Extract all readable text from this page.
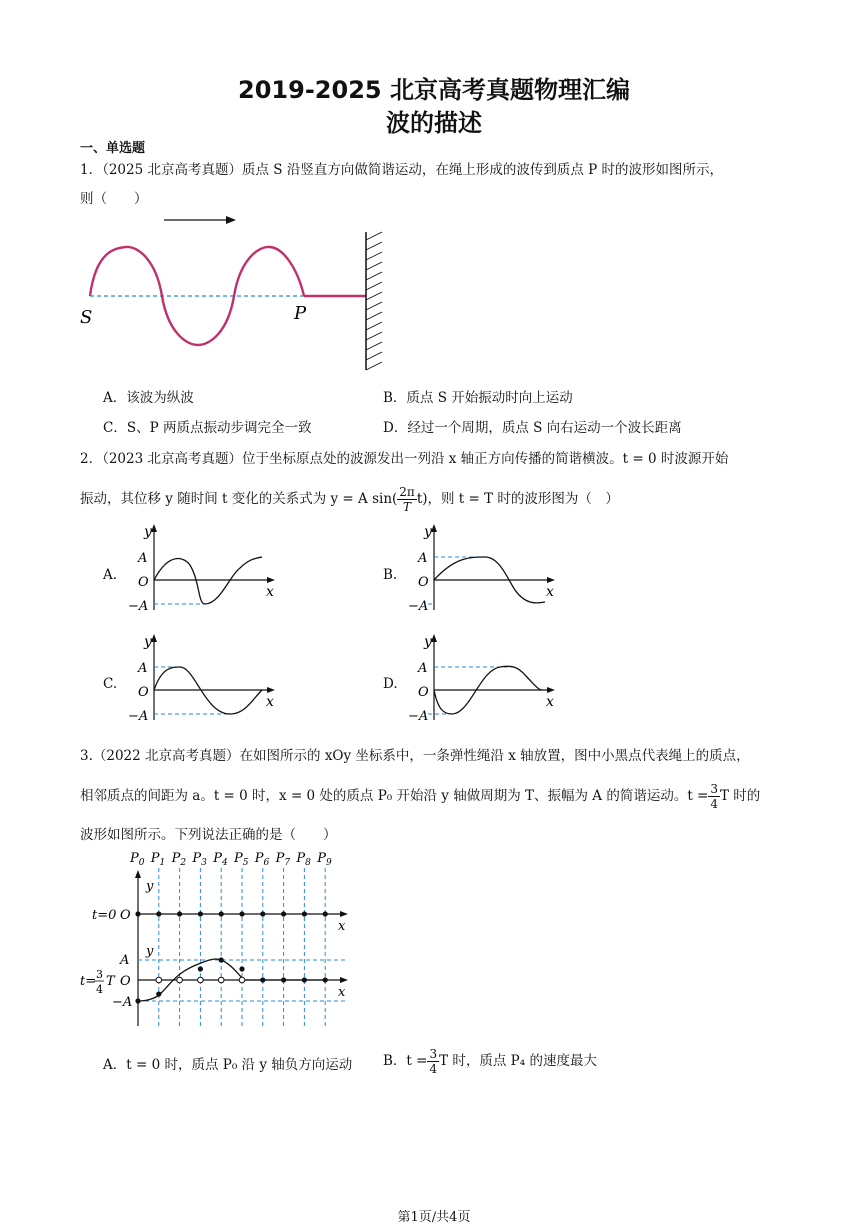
2019-2025 北京高考真题物理汇编
波的描述
一、单选题
1．（2025 北京高考真题）质点 S 沿竖直方向做简谐运动，在绳上形成的波传到质点 P 时的波形如图所示，
则（　　）
S	P
A．该波为纵波	B．质点 S 开始振动时向上运动
C．S、P 两质点振动步调完全一致	D．经过一个周期，质点 S 向右运动一个波长距离
2．（2023 北京高考真题）位于坐标原点处的波源发出一列沿 x 轴正方向传播的简谐横波。t = 0 时波源开始
振动，其位移 y 随时间 t 变化的关系式为 y = A $\sin( \frac{2\pi}{T} t)$，则 t = T 时的波形图为（　）
A.	B.
C.	D.
y
x
A
O
−A
y
x
A
O
−A
y
x
A
O
−A
y
x
A
O
−A
3.（2022 北京高考真题）在如图所示的 xOy 坐标系中，一条弹性绳沿 x 轴放置，图中小黑点代表绳上的质点，
相邻质点的间距为 a。t = 0 时，x = 0 处的质点 P₀ 开始沿 y 轴做周期为 T、振幅为 A 的简谐运动。$t = \frac{3}{4}$ T 时的
波形如图所示。下列说法正确的是（　　）
$P_0$ $P_1$ $P_2$ $P_3$ $P_4$ $P_5$ $P_6$ $P_7$ $P_8$ $P_9$
y
x
t=0 O
y
x
A
O
−A
t= 3
4
T
A．t = 0 时，质点 P₀ 沿 y 轴负方向运动 B．$t = \frac{3}{4}$ T 时，质点 P₄ 的速度最大
第1页/共4页
